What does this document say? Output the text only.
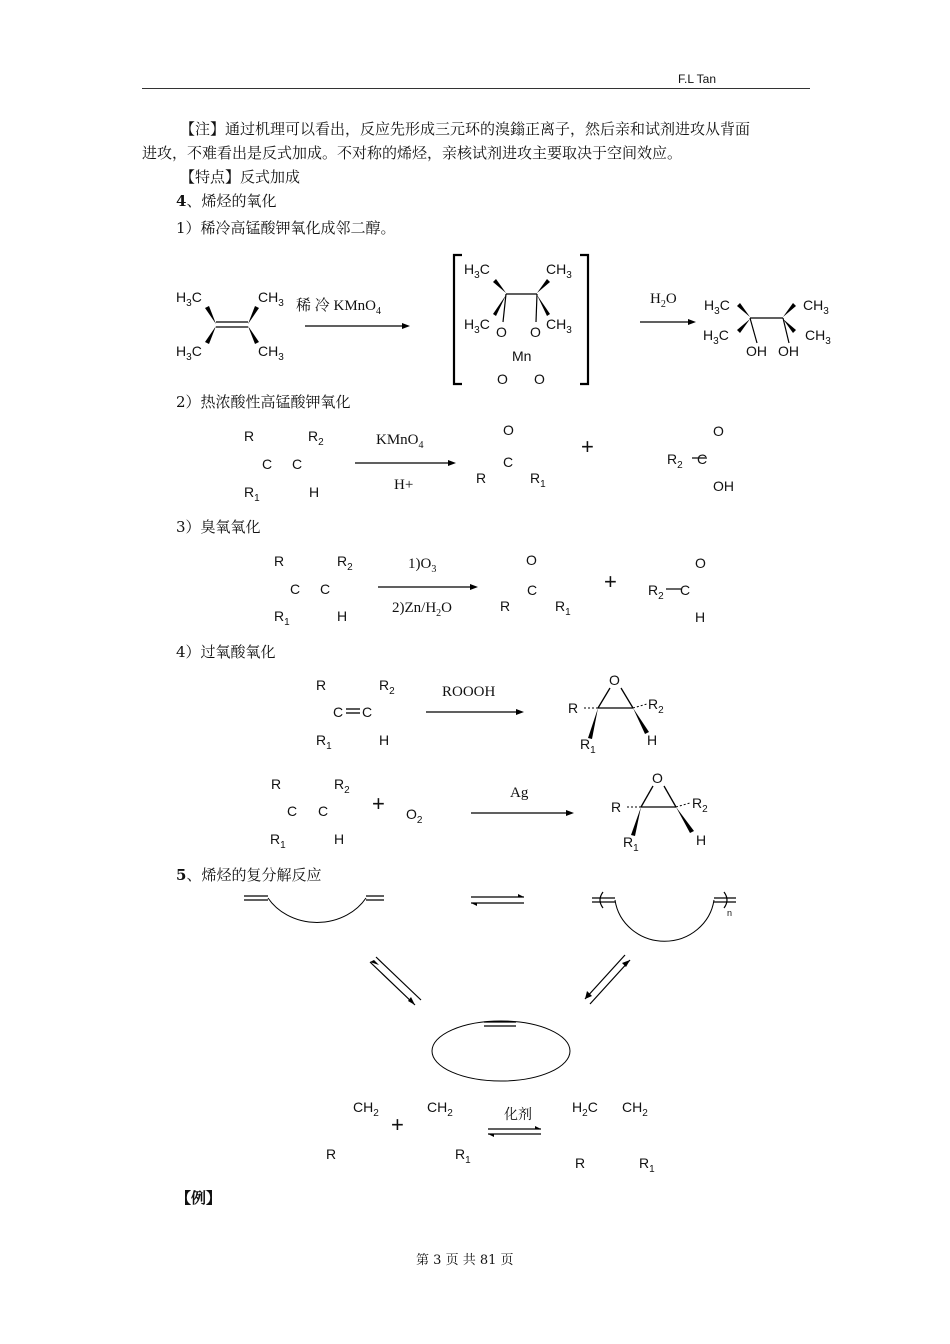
F.L Tan
【注】通过机理可以看出，反应先形成三元环的溴鎓正离子，然后亲和试剂进攻从背面
进攻，不难看出是反式加成。不对称的烯烃，亲核试剂进攻主要取决于空间效应。
【特点】反式加成
4、烯烃的氧化
1）稀冷高锰酸钾氧化成邻二醇。
$H_3C$	$CH_3$
$H_3C$	$CH_3$
稀 冷 KMnO$_4$
$H_3C$	$CH_3$
$H_3C$	$CH_3$
O O
Mn
O O
$H_2O$ $H_3C$	$CH_3$
$H_3C$	$CH_3$
OH OH
2）热浓酸性高锰酸钾氧化
R	$R_2$
C C
$R_1$	H
KMnO$_4$
H+
O
C
R	$R_1$
+
O
$R_2$ C
OH
3）臭氧氧化
R	$R_2$
C C
$R_1$	H
$1)O_3$
$2)Zn/H_2O$
O
C
R	$R_1$
+
O
$R_2$ C
H
4）过氧酸氧化
R	$R_2$
C C
$R_1$	H
ROOOH
O
R	$R_2$
$R_1$
H
R	$R_2$
C C
$R_1$	H
+ $O_2$
Ag
O
R	$R_2$
$R_1$
H
5、烯烃的复分解反应
n
$CH_2$ +
$CH_2$
R	$R_1$
化剂	$H_2C$ $CH_2$
R	$R_1$
【例】
第 3 页 共 81 页
